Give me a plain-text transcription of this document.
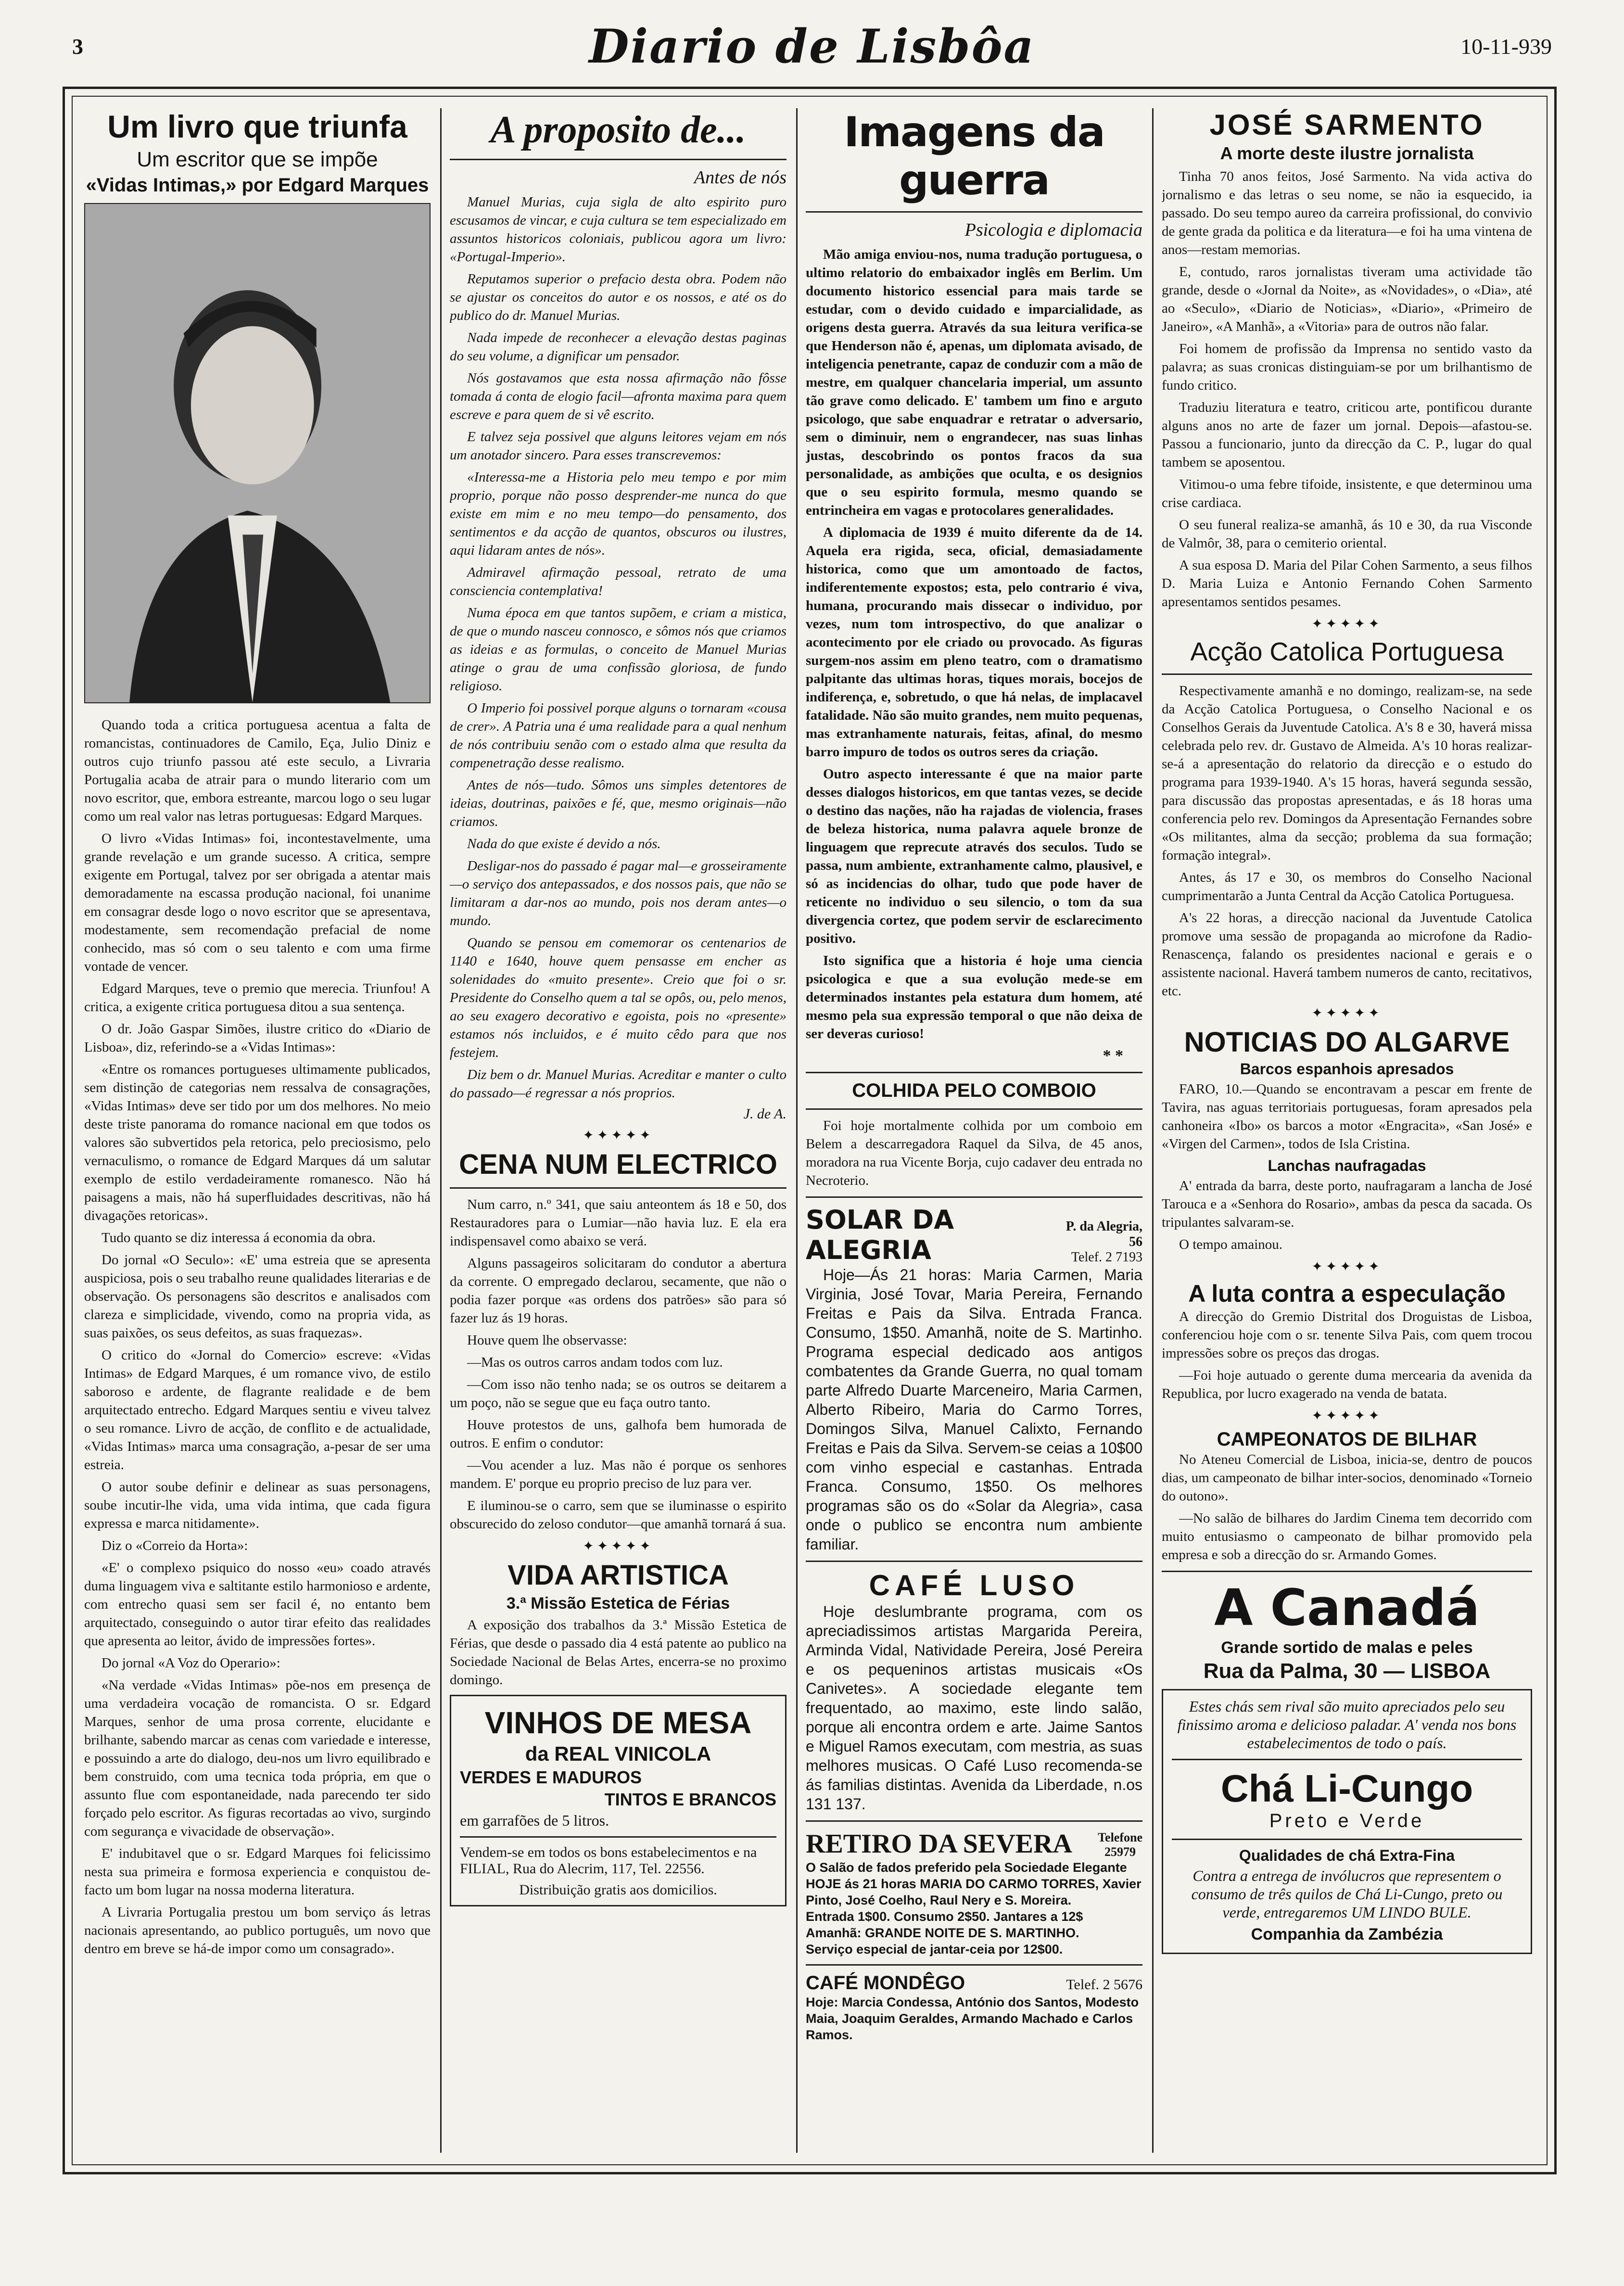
3	Diario de Lisbôa	10-11-939
Um livro que triunfa
Um escritor que se impõe
«Vidas Intimas,» por Edgard Marques

Quando toda a critica portuguesa acentua a falta de romancistas, continuadores de Camilo, Eça, Julio Diniz e outros cujo triunfo passou até este seculo, a Livraria Portugalia acaba de atrair para o mundo literario com um novo escritor, que, embora estreante, marcou logo o seu lugar como um real valor nas letras portuguesas: Edgard Marques.

O livro «Vidas Intimas» foi, incontestavelmente, uma grande revelação e um grande sucesso. A critica, sempre exigente em Portugal, talvez por ser obrigada a atentar mais demoradamente na escassa produção nacional, foi unanime em consagrar desde logo o novo escritor que se apresentava, modestamente, sem recomendação prefacial de nome conhecido, mas só com o seu talento e com uma firme vontade de vencer.

Edgard Marques, teve o premio que merecia. Triunfou! A critica, a exigente critica portuguesa ditou a sua sentença.

O dr. João Gaspar Simões, ilustre critico do «Diario de Lisboa», diz, referindo-se a «Vidas Intimas»:

«Entre os romances portugueses ultimamente publicados, sem distinção de categorias nem ressalva de consagrações, «Vidas Intimas» deve ser tido por um dos melhores. No meio deste triste panorama do romance nacional em que todos os valores são subvertidos pela retorica, pelo preciosismo, pelo vernaculismo, o romance de Edgard Marques dá um salutar exemplo de estilo verdadeiramente romanesco. Não há paisagens a mais, não há superfluidades descritivas, não há divagações retoricas».

Tudo quanto se diz interessa á economia da obra.

Do jornal «O Seculo»: «E' uma estreia que se apresenta auspiciosa, pois o seu trabalho reune qualidades literarias e de observação. Os personagens são descritos e analisados com clareza e simplicidade, vivendo, como na propria vida, as suas paixões, os seus defeitos, as suas fraquezas».

O critico do «Jornal do Comercio» escreve: «Vidas Intimas» de Edgard Marques, é um romance vivo, de estilo saboroso e ardente, de flagrante realidade e de bem arquitectado entrecho. Edgard Marques sentiu e viveu talvez o seu romance. Livro de acção, de conflito e de actualidade, «Vidas Intimas» marca uma consagração, a-pesar de ser uma estreia.

O autor soube definir e delinear as suas personagens, soube incutir-lhe vida, uma vida intima, que cada figura expressa e marca nitidamente».

Diz o «Correio da Horta»:

«E' o complexo psiquico do nosso «eu» coado através duma linguagem viva e saltitante estilo harmonioso e ardente, com entrecho quasi sem ser facil é, no entanto bem arquitectado, conseguindo o autor tirar efeito das realidades que apresenta ao leitor, ávido de impressões fortes».

Do jornal «A Voz do Operario»:

«Na verdade «Vidas Intimas» põe-nos em presença de uma verdadeira vocação de romancista. O sr. Edgard Marques, senhor de uma prosa corrente, elucidante e brilhante, sabendo marcar as cenas com variedade e interesse, e possuindo a arte do dialogo, deu-nos um livro equilibrado e bem construido, com uma tecnica toda própria, em que o assunto flue com espontaneidade, nada parecendo ter sido forçado pelo escritor. As figuras recortadas ao vivo, surgindo com segurança e vivacidade de observação».

E' indubitavel que o sr. Edgard Marques foi felicissimo nesta sua primeira e formosa experiencia e conquistou de-facto um bom lugar na nossa moderna literatura.

A Livraria Portugalia prestou um bom serviço ás letras nacionais apresentando, ao publico português, um novo que dentro em breve se há-de impor como um consagrado».

A proposito de...
Antes de nós

Manuel Murias, cuja sigla de alto espirito puro escusamos de vincar, e cuja cultura se tem especializado em assuntos historicos coloniais, publicou agora um livro: «Portugal-Imperio».

Reputamos superior o prefacio desta obra. Podem não se ajustar os conceitos do autor e os nossos, e até os do publico do dr. Manuel Murias.

Nada impede de reconhecer a elevação destas paginas do seu volume, a dignificar um pensador.

Nós gostavamos que esta nossa afirmação não fôsse tomada á conta de elogio facil—afronta maxima para quem escreve e para quem de si vê escrito.

E talvez seja possivel que alguns leitores vejam em nós um anotador sincero. Para esses transcrevemos:

«Interessa-me a Historia pelo meu tempo e por mim proprio, porque não posso desprender-me nunca do que existe em mim e no meu tempo—do pensamento, dos sentimentos e da acção de quantos, obscuros ou ilustres, aqui lidaram antes de nós».

Admiravel afirmação pessoal, retrato de uma consciencia contemplativa!

Numa época em que tantos supõem, e criam a mistica, de que o mundo nasceu connosco, e sômos nós que criamos as ideias e as formulas, o conceito de Manuel Murias atinge o grau de uma confissão gloriosa, de fundo religioso.

O Imperio foi possivel porque alguns o tornaram «cousa de crer». A Patria una é uma realidade para a qual nenhum de nós contribuiu senão com o estado alma que resulta da compenetração desse realismo.

Antes de nós—tudo. Sômos uns simples detentores de ideias, doutrinas, paixões e fé, que, mesmo originais—não criamos.

Nada do que existe é devido a nós.

Desligar-nos do passado é pagar mal—e grosseiramente—o serviço dos antepassados, e dos nossos pais, que não se limitaram a dar-nos ao mundo, pois nos deram antes—o mundo.

Quando se pensou em comemorar os centenarios de 1140 e 1640, houve quem pensasse em encher as solenidades do «muito presente». Creio que foi o sr. Presidente do Conselho quem a tal se opôs, ou, pelo menos, ao seu exagero decorativo e egoista, pois no «presente» estamos nós incluidos, e é muito cêdo para que nos festejem.

Diz bem o dr. Manuel Murias. Acreditar e manter o culto do passado—é regressar a nós proprios.

J. de A.
✦✦✦✦✦
CENA NUM ELECTRICO

Num carro, n.º 341, que saiu anteontem ás 18 e 50, dos Restauradores para o Lumiar—não havia luz. E ela era indispensavel como abaixo se verá.

Alguns passageiros solicitaram do condutor a abertura da corrente. O empregado declarou, secamente, que não o podia fazer porque «as ordens dos patrões» são para só fazer luz ás 19 horas.

Houve quem lhe observasse:

—Mas os outros carros andam todos com luz.

—Com isso não tenho nada; se os outros se deitarem a um poço, não se segue que eu faça outro tanto.

Houve protestos de uns, galhofa bem humorada de outros. E enfim o condutor:

—Vou acender a luz. Mas não é porque os senhores mandem. E' porque eu proprio preciso de luz para ver.

E iluminou-se o carro, sem que se iluminasse o espirito obscurecido do zeloso condutor—que amanhã tornará á sua.

✦✦✦✦✦
VIDA ARTISTICA
3.ª Missão Estetica de Férias

A exposição dos trabalhos da 3.ª Missão Estetica de Férias, que desde o passado dia 4 está patente ao publico na Sociedade Nacional de Belas Artes, encerra-se no proximo domingo.

VINHOS DE MESA
da REAL VINICOLA
VERDES E MADUROS
TINTOS E BRANCOS
em garrafões de 5 litros.
Vendem-se em todos os bons estabelecimentos e na FILIAL, Rua do Alecrim, 117, Tel. 22556.
Distribuição gratis aos domicilios.
Imagens da guerra
Psicologia e diplomacia

Mão amiga enviou-nos, numa tradução portuguesa, o ultimo relatorio do embaixador inglês em Berlim. Um documento historico essencial para mais tarde se estudar, com o devido cuidado e imparcialidade, as origens desta guerra. Através da sua leitura verifica-se que Henderson não é, apenas, um diplomata avisado, de inteligencia penetrante, capaz de conduzir com a mão de mestre, em qualquer chancelaria imperial, um assunto tão grave como delicado. E' tambem um fino e arguto psicologo, que sabe enquadrar e retratar o adversario, sem o diminuir, nem o engrandecer, nas suas linhas justas, descobrindo os pontos fracos da sua personalidade, as ambições que oculta, e os designios que o seu espirito formula, mesmo quando se entrincheira em vagas e protocolares generalidades.

A diplomacia de 1939 é muito diferente da de 14. Aquela era rigida, seca, oficial, demasiadamente historica, como que um amontoado de factos, indiferentemente expostos; esta, pelo contrario é viva, humana, procurando mais dissecar o individuo, por vezes, num tom introspectivo, do que analizar o acontecimento por ele criado ou provocado. As figuras surgem-nos assim em pleno teatro, com o dramatismo palpitante das ultimas horas, tiques morais, bocejos de indiferença, e, sobretudo, o que há nelas, de implacavel fatalidade. Não são muito grandes, nem muito pequenas, mas extranhamente naturais, feitas, afinal, do mesmo barro impuro de todos os outros seres da criação.

Outro aspecto interessante é que na maior parte desses dialogos historicos, em que tantas vezes, se decide o destino das nações, não ha rajadas de violencia, frases de beleza historica, numa palavra aquele bronze de linguagem que reprecute através dos seculos. Tudo se passa, num ambiente, extranhamente calmo, plausivel, e só as incidencias do olhar, tudo que pode haver de reticente no individuo o seu silencio, o tom da sua divergencia cortez, que podem servir de esclarecimento positivo.

Isto significa que a historia é hoje uma ciencia psicologica e que a sua evolução mede-se em determinados instantes pela estatura dum homem, até mesmo pela sua expressão temporal o que não deixa de ser deveras curioso!

* *
COLHIDA PELO COMBOIO

Foi hoje mortalmente colhida por um comboio em Belem a descarregadora Raquel da Silva, de 45 anos, moradora na rua Vicente Borja, cujo cadaver deu entrada no Necroterio.

SOLAR DA ALEGRIA
P. da Alegria, 56
Telef. 2 7193

Hoje—Ás 21 horas: Maria Carmen, Maria Virginia, José Tovar, Maria Pereira, Fernando Freitas e Pais da Silva. Entrada Franca. Consumo, 1$50. Amanhã, noite de S. Martinho. Programa especial dedicado aos antigos combatentes da Grande Guerra, no qual tomam parte Alfredo Duarte Marceneiro, Maria Carmen, Alberto Ribeiro, Maria do Carmo Torres, Domingos Silva, Manuel Calixto, Fernando Freitas e Pais da Silva. Servem-se ceias a 10$00 com vinho especial e castanhas. Entrada Franca. Consumo, 1$50. Os melhores programas são os do «Solar da Alegria», casa onde o publico se encontra num ambiente familiar.

CAFÉ LUSO

Hoje deslumbrante programa, com os apreciadissimos artistas Margarida Pereira, Arminda Vidal, Natividade Pereira, José Pereira e os pequeninos artistas musicais «Os Canivetes». A sociedade elegante tem frequentado, ao maximo, este lindo salão, porque ali encontra ordem e arte. Jaime Santos e Miguel Ramos executam, com mestria, as suas melhores musicas. O Café Luso recomenda-se ás familias distintas. Avenida da Liberdade, n.os 131 137.

RETIRO DA SEVERA Telefone
25979
O Salão de fados preferido pela Sociedade Elegante
HOJE ás 21 horas MARIA DO CARMO TORRES, Xavier Pinto, José Coelho, Raul Nery e S. Moreira.
Entrada 1$00. Consumo 2$50. Jantares a 12$
Amanhã: GRANDE NOITE DE S. MARTINHO.
Serviço especial de jantar-ceia por 12$00.
CAFÉ MONDÊGO	Telef. 2 5676
Hoje: Marcia Condessa, António dos Santos, Modesto Maia, Joaquim Geraldes, Armando Machado e Carlos Ramos.
JOSÉ SARMENTO
A morte deste ilustre jornalista

Tinha 70 anos feitos, José Sarmento. Na vida activa do jornalismo e das letras o seu nome, se não ia esquecido, ia passado. Do seu tempo aureo da carreira profissional, do convivio de gente grada da politica e da literatura—e foi ha uma vintena de anos—restam memorias.

E, contudo, raros jornalistas tiveram uma actividade tão grande, desde o «Jornal da Noite», as «Novidades», o «Dia», até ao «Seculo», «Diario de Noticias», «Diario», «Primeiro de Janeiro», «A Manhã», a «Vitoria» para de outros não falar.

Foi homem de profissão da Imprensa no sentido vasto da palavra; as suas cronicas distinguiam-se por um brilhantismo de fundo critico.

Traduziu literatura e teatro, criticou arte, pontificou durante alguns anos no arte de fazer um jornal. Depois—afastou-se. Passou a funcionario, junto da direcção da C. P., lugar do qual tambem se aposentou.

Vitimou-o uma febre tifoide, insistente, e que determinou uma crise cardiaca.

O seu funeral realiza-se amanhã, ás 10 e 30, da rua Visconde de Valmôr, 38, para o cemiterio oriental.

A sua esposa D. Maria del Pilar Cohen Sarmento, a seus filhos D. Maria Luiza e Antonio Fernando Cohen Sarmento apresentamos sentidos pesames.

✦✦✦✦✦
Acção Catolica Portuguesa

Respectivamente amanhã e no domingo, realizam-se, na sede da Acção Catolica Portuguesa, o Conselho Nacional e os Conselhos Gerais da Juventude Catolica. A's 8 e 30, haverá missa celebrada pelo rev. dr. Gustavo de Almeida. A's 10 horas realizar-se-á a apresentação do relatorio da direcção e o estudo do programa para 1939-1940. A's 15 horas, haverá segunda sessão, para discussão das propostas apresentadas, e ás 18 horas uma conferencia pelo rev. Domingos da Apresentação Fernandes sobre «Os militantes, alma da secção; problema da sua formação; formação integral».

Antes, ás 17 e 30, os membros do Conselho Nacional cumprimentarão a Junta Central da Acção Catolica Portuguesa.

A's 22 horas, a direcção nacional da Juventude Catolica promove uma sessão de propaganda ao microfone da Radio-Renascença, falando os presidentes nacional e gerais e o assistente nacional. Haverá tambem numeros de canto, recitativos, etc.

✦✦✦✦✦
NOTICIAS DO ALGARVE
Barcos espanhois apresados

FARO, 10.—Quando se encontravam a pescar em frente de Tavira, nas aguas territoriais portuguesas, foram apresados pela canhoneira «Ibo» os barcos a motor «Engracita», «San José» e «Virgen del Carmen», todos de Isla Cristina.

Lanchas naufragadas

A' entrada da barra, deste porto, naufragaram a lancha de José Tarouca e a «Senhora do Rosario», ambas da pesca da sacada. Os tripulantes salvaram-se.

O tempo amainou.

✦✦✦✦✦
A luta contra a especulação

A direcção do Gremio Distrital dos Droguistas de Lisboa, conferenciou hoje com o sr. tenente Silva Pais, com quem trocou impressões sobre os preços das drogas.

—Foi hoje autuado o gerente duma mercearia da avenida da Republica, por lucro exagerado na venda de batata.

✦✦✦✦✦
CAMPEONATOS DE BILHAR

No Ateneu Comercial de Lisboa, inicia-se, dentro de poucos dias, um campeonato de bilhar inter-socios, denominado «Torneio do outono».

—No salão de bilhares do Jardim Cinema tem decorrido com muito entusiasmo o campeonato de bilhar promovido pela empresa e sob a direcção do sr. Armando Gomes.

A Canadá
Grande sortido de malas e peles
Rua da Palma, 30 — LISBOA
Estes chás sem rival são muito apreciados pelo seu finissimo aroma e delicioso paladar. A' venda nos bons estabelecimentos de todo o país.
Chá Li-Cungo
Preto e Verde
Qualidades de chá Extra-Fina
Contra a entrega de invólucros que representem o consumo de três quilos de Chá Li-Cungo, preto ou verde, entregaremos UM LINDO BULE.
Companhia da Zambézia
